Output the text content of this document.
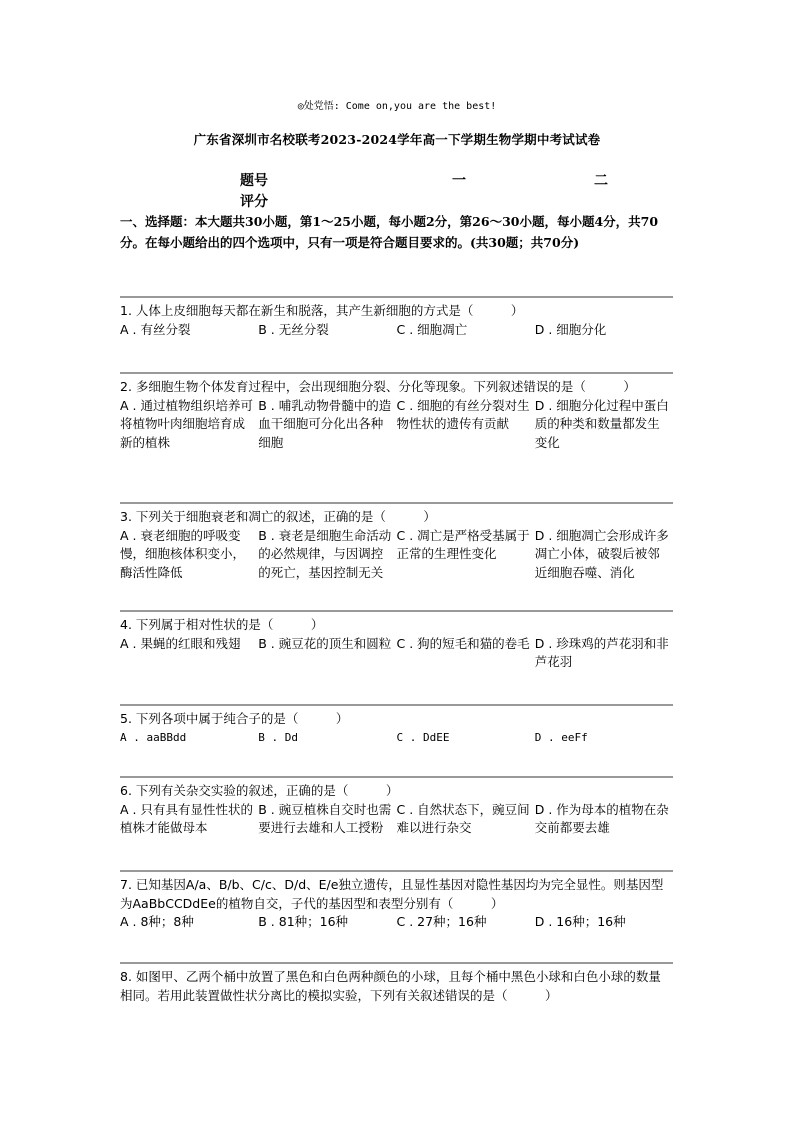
◎处党悟: Come on,you are the best!
广东省深圳市名校联考2023-2024学年高一下学期生物学期中考试试卷
题号	一	二
评分
一、选择题：本大题共30小题，第1～25小题，每小题2分，第26～30小题，每小题4分，共70分。在每小题给出的四个选项中，只有一项是符合题目要求的。(共30题；共70分)
1. 人体上皮细胞每天都在新生和脱落，其产生新细胞的方式是（　　　）
A . 有丝分裂	B . 无丝分裂	C . 细胞凋亡	D . 细胞分化
2. 多细胞生物个体发育过程中，会出现细胞分裂、分化等现象。下列叙述错误的是（　　　）
A . 通过植物组织培养可将植物叶肉细胞培育成新的植株
B . 哺乳动物骨髓中的造血干细胞可分化出各种细胞
C . 细胞的有丝分裂对生物性状的遗传有贡献
D . 细胞分化过程中蛋白质的种类和数量都发生变化
3. 下列关于细胞衰老和凋亡的叙述，正确的是（　　　）
A . 衰老细胞的呼吸变慢，细胞核体积变小，酶活性降低
B . 衰老是细胞生命活动的必然规律，与因调控的死亡，基因控制无关
C . 凋亡是严格受基属于正常的生理性变化
D . 细胞凋亡会形成许多凋亡小体，破裂后被邻近细胞吞噬、消化
4. 下列属于相对性状的是（　　　）
A . 果蝇的红眼和残翅	B . 豌豆花的顶生和圆粒 C . 狗的短毛和猫的卷毛 D . 珍珠鸡的芦花羽和非芦花羽
5. 下列各项中属于纯合子的是（　　　）
A . aaBBdd	B . Dd	C . DdEE	D . eeFf
6. 下列有关杂交实验的叙述，正确的是（　　　）
A . 只有具有显性性状的植株才能做母本
B . 豌豆植株自交时也需要进行去雄和人工授粉
C . 自然状态下，豌豆间难以进行杂交
D . 作为母本的植物在杂交前都要去雄
7. 已知基因A/a、B/b、C/c、D/d、E/e独立遗传，且显性基因对隐性基因均为完全显性。则基因型为AaBbCCDdEe的植物自交，子代的基因型和表型分别有（　　　）
A . 8种；8种	B . 81种；16种	C . 27种；16种	D . 16种；16种
8. 如图甲、乙两个桶中放置了黑色和白色两种颜色的小球，且每个桶中黑色小球和白色小球的数量相同。若用此装置做性状分离比的模拟实验，下列有关叙述错误的是（　　　）
